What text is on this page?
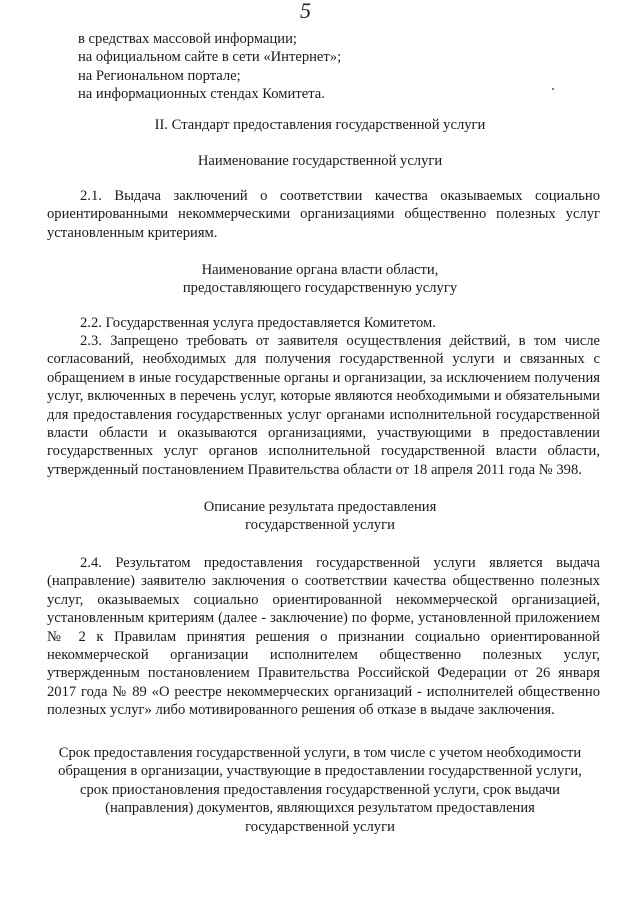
5
в средствах массовой информации;
на официальном сайте в сети «Интернет»;
на Региональном портале;
на информационных стендах Комитета.
II. Стандарт предоставления государственной услуги
Наименование государственной услуги
2.1. Выдача заключений о соответствии качества оказываемых социально ориентированными некоммерческими организациями общественно полезных услуг установленным критериям.
Наименование органа власти области,
предоставляющего государственную услугу
2.2. Государственная услуга предоставляется Комитетом.
2.3. Запрещено требовать от заявителя осуществления действий, в том числе согласований, необходимых для получения государственной услуги и связанных с обращением в иные государственные органы и организации, за исключением получения услуг, включенных в перечень услуг, которые являются необходимыми и обязательными для предоставления государственных услуг органами исполнительной государственной власти области и оказываются организациями, участвующими в предоставлении государственных услуг органов исполнительной государственной власти области, утвержденный постановлением Правительства области от 18 апреля 2011 года № 398.
Описание результата предоставления
государственной услуги
2.4. Результатом предоставления государственной услуги является выдача (направление) заявителю заключения о соответствии качества общественно полезных услуг, оказываемых социально ориентированной некоммерческой организацией, установленным критериям (далее - заключение) по форме, установленной приложением № 2 к Правилам принятия решения о признании социально ориентированной некоммерческой организации исполнителем общественно полезных услуг, утвержденным постановлением Правительства Российской Федерации от 26 января 2017 года № 89 «О реестре некоммерческих организаций - исполнителей общественно полезных услуг» либо мотивированного решения об отказе в выдаче заключения.
Срок предоставления государственной услуги, в том числе с учетом необходимости
обращения в организации, участвующие в предоставлении государственной услуги,
срок приостановления предоставления государственной услуги, срок выдачи
(направления) документов, являющихся результатом предоставления
государственной услуги
